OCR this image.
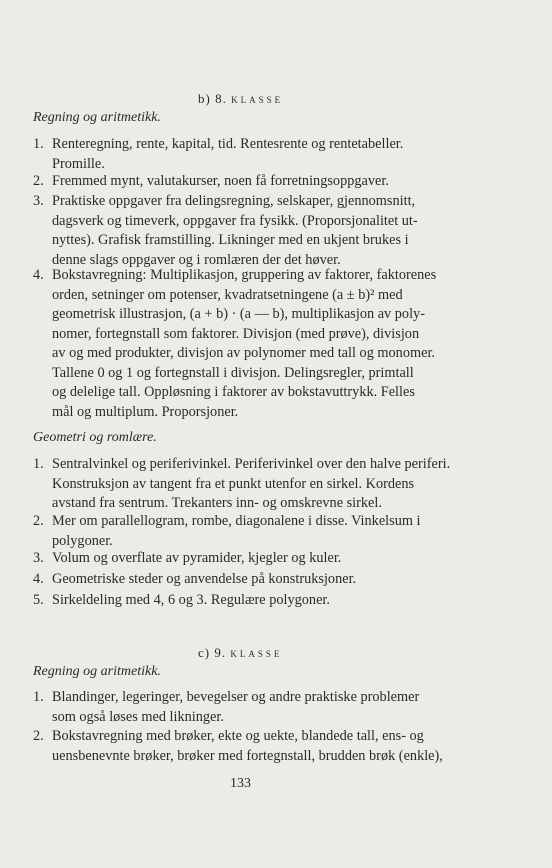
b) 8. klasse
Regning og aritmetikk.
1. Renteregning, rente, kapital, tid. Rentesrente og rentetabeller.
Promille.
2. Fremmed mynt, valutakurser, noen få forretningsoppgaver.
3. Praktiske oppgaver fra delingsregning, selskaper, gjennomsnitt,
dagsverk og timeverk, oppgaver fra fysikk. (Proporsjonalitet ut-
nyttes). Grafisk framstilling. Likninger med en ukjent brukes i
denne slags oppgaver og i romlæren der det høver.
4. Bokstavregning: Multiplikasjon, gruppering av faktorer, faktorenes
orden, setninger om potenser, kvadratsetningene (a ± b)² med
geometrisk illustrasjon, (a + b) · (a — b), multiplikasjon av poly-
nomer, fortegnstall som faktorer. Divisjon (med prøve), divisjon
av og med produkter, divisjon av polynomer med tall og monomer.
Tallene 0 og 1 og fortegnstall i divisjon. Delingsregler, primtall
og delelige tall. Oppløsning i faktorer av bokstavuttrykk. Felles
mål og multiplum. Proporsjoner.
Geometri og romlære.
1. Sentralvinkel og periferivinkel. Periferivinkel over den halve periferi.
Konstruksjon av tangent fra et punkt utenfor en sirkel. Kordens
avstand fra sentrum. Trekanters inn- og omskrevne sirkel.
2. Mer om parallellogram, rombe, diagonalene i disse. Vinkelsum i
polygoner.
3. Volum og overflate av pyramider, kjegler og kuler.
4. Geometriske steder og anvendelse på konstruksjoner.
5. Sirkeldeling med 4, 6 og 3. Regulære polygoner.
c) 9. klasse
Regning og aritmetikk.
1. Blandinger, legeringer, bevegelser og andre praktiske problemer
som også løses med likninger.
2. Bokstavregning med brøker, ekte og uekte, blandede tall, ens- og
uensbenevnte brøker, brøker med fortegnstall, brudden brøk (enkle),
133
